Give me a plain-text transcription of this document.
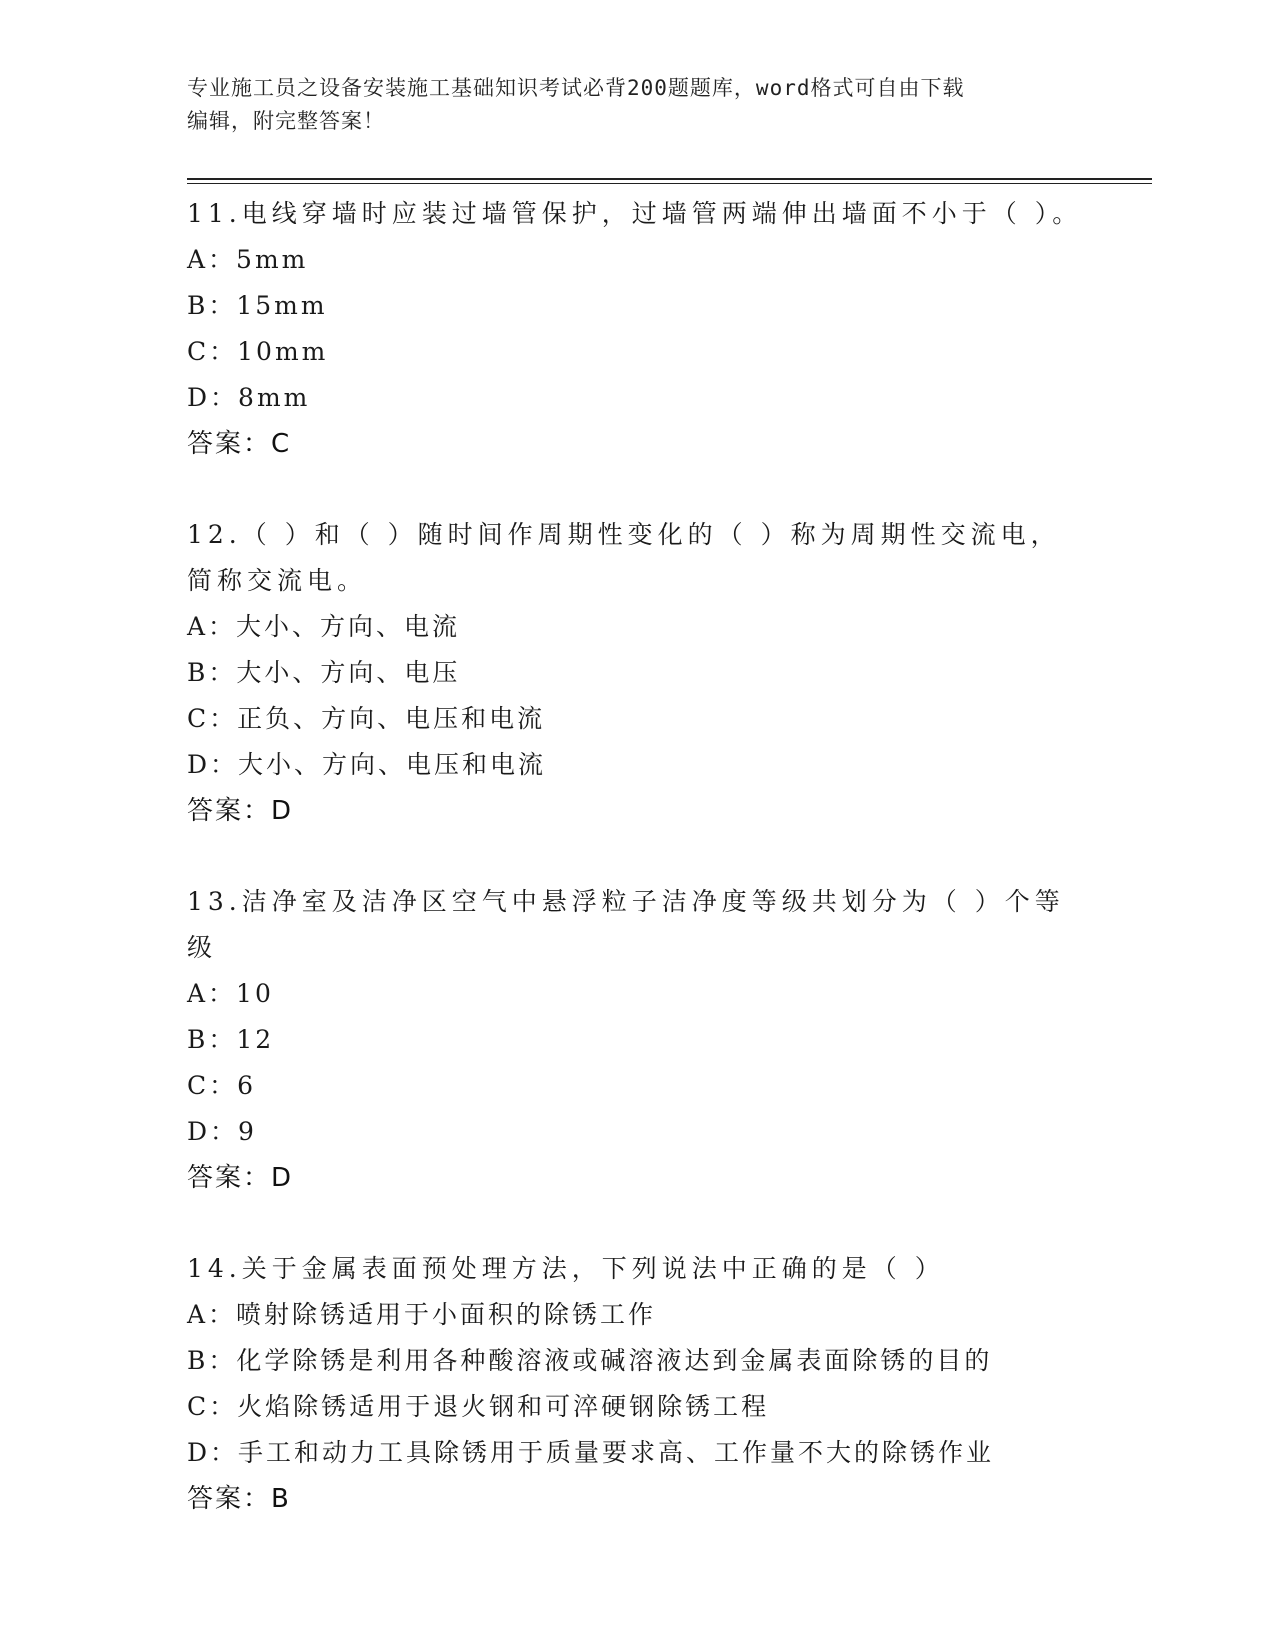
专业施工员之设备安装施工基础知识考试必背200题题库，word格式可自由下载
编辑，附完整答案！

11.电线穿墙时应装过墙管保护，过墙管两端伸出墙面不小于（ ）。

A：5mm

B：15mm

C：10mm

D：8mm

答案：C

12.（ ）和（ ）随时间作周期性变化的（ ）称为周期性交流电，简称交流电。

A：大小、方向、电流

B：大小、方向、电压

C：正负、方向、电压和电流

D：大小、方向、电压和电流

答案：D

13.洁净室及洁净区空气中悬浮粒子洁净度等级共划分为（ ）个等级

A：10

B：12

C：6

D：9

答案：D

14.关于金属表面预处理方法，下列说法中正确的是（ ）

A：喷射除锈适用于小面积的除锈工作

B：化学除锈是利用各种酸溶液或碱溶液达到金属表面除锈的目的

C：火焰除锈适用于退火钢和可淬硬钢除锈工程

D：手工和动力工具除锈用于质量要求高、工作量不大的除锈作业

答案：B
